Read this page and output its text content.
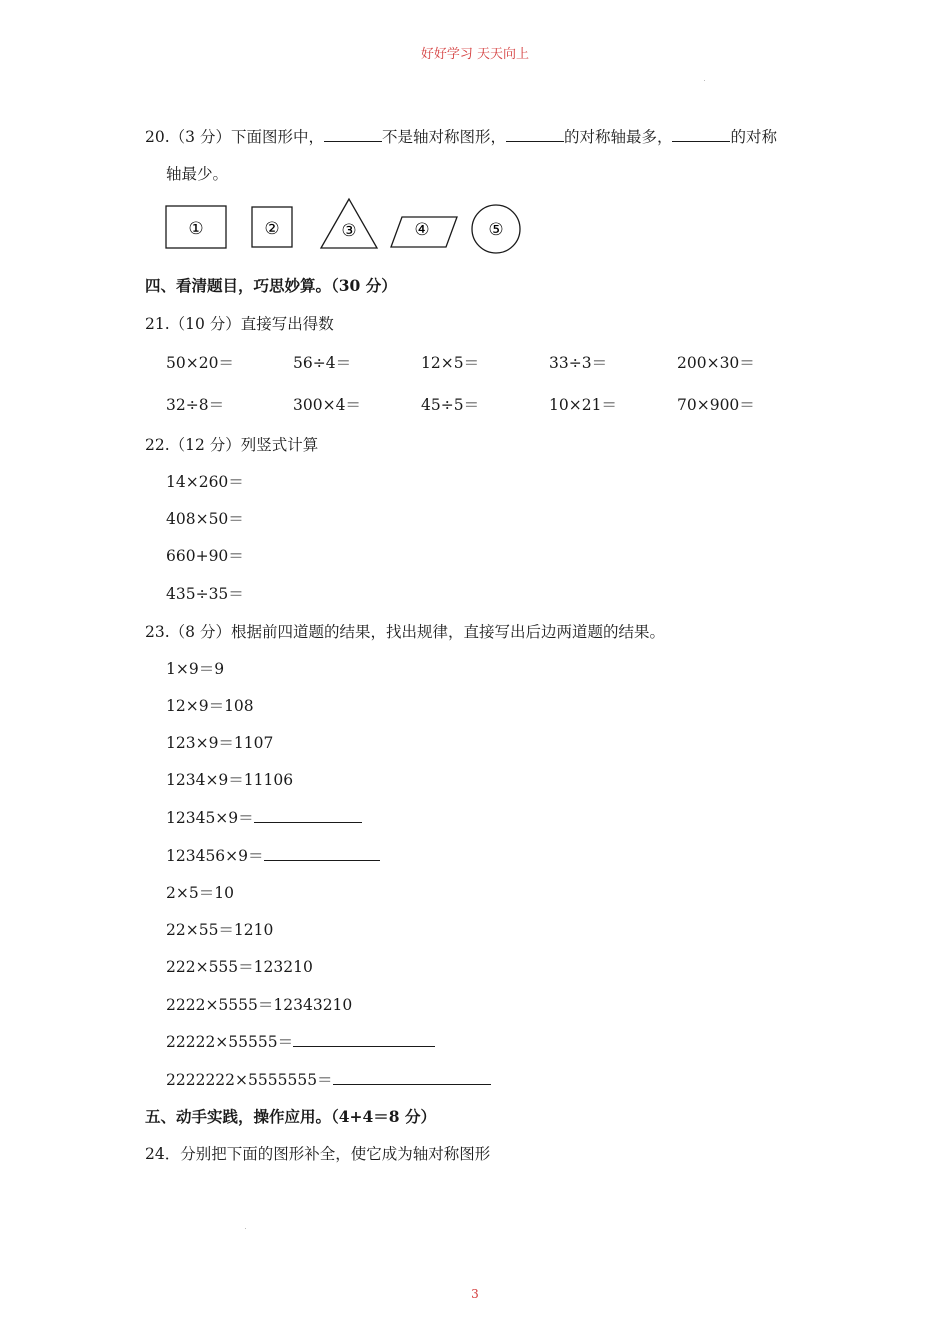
好好学习 天天向上
20.（3 分）下面图形中，	不是轴对称图形，	的对称轴最多，	的对称
轴最少。
①	②	③	④	⑤
四、看清题目，巧思妙算。（30 分）
21.（10 分）直接写出得数
50×20＝	56÷4＝	12×5＝	33÷3＝	200×30＝
32÷8＝	300×4＝	45÷5＝	10×21＝	70×900＝
22.（12 分）列竖式计算
14×260＝
408×50＝
660+90＝
435÷35＝
23.（8 分）根据前四道题的结果，找出规律，直接写出后边两道题的结果。
1×9＝9
12×9＝108
123×9＝1107
1234×9＝11106
12345×9＝
123456×9＝
2×5＝10
22×55＝1210
222×555＝123210
2222×5555＝12343210
22222×55555＝
2222222×5555555＝
五、动手实践，操作应用。（4+4＝8 分）
24．分别把下面的图形补全，使它成为轴对称图形
3
